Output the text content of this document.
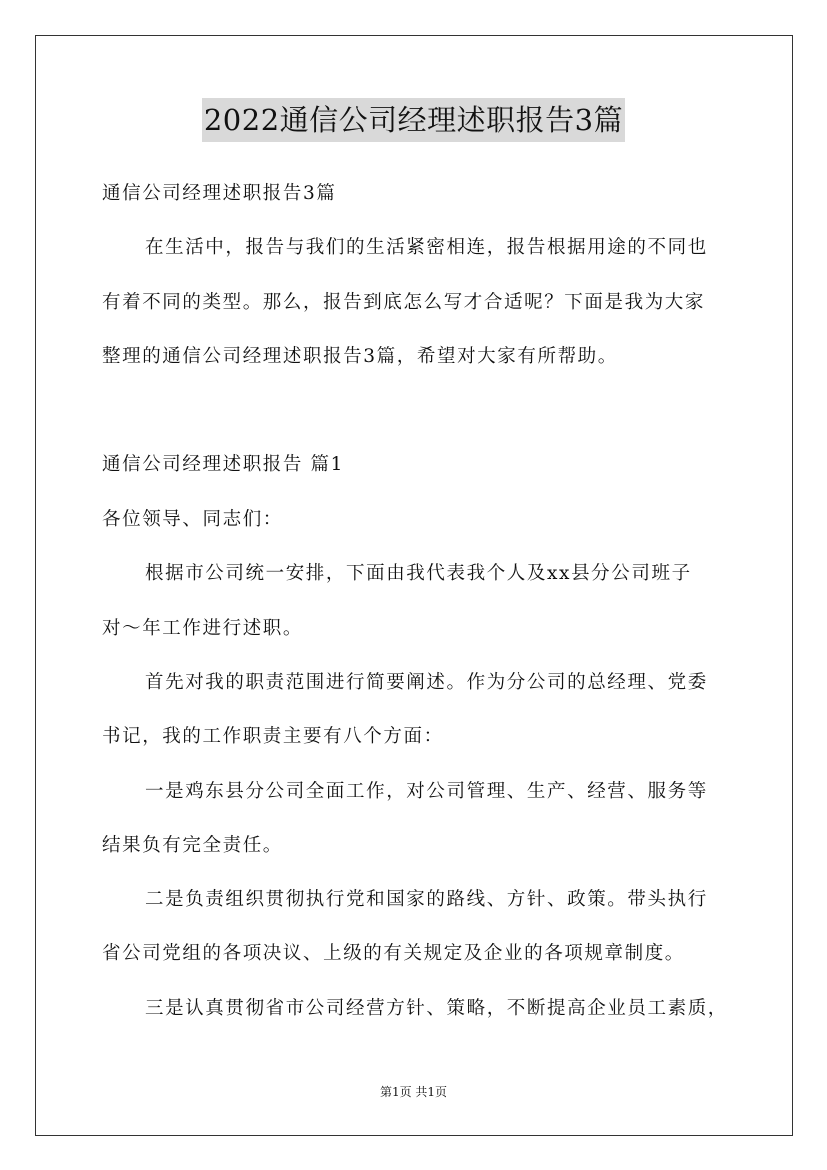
2022通信公司经理述职报告3篇
通信公司经理述职报告3篇
在生活中，报告与我们的生活紧密相连，报告根据用途的不同也
有着不同的类型。那么，报告到底怎么写才合适呢？下面是我为大家
整理的通信公司经理述职报告3篇，希望对大家有所帮助。
通信公司经理述职报告 篇1
各位领导、同志们：
根据市公司统一安排，下面由我代表我个人及xx县分公司班子
对～年工作进行述职。
首先对我的职责范围进行简要阐述。作为分公司的总经理、党委
书记，我的工作职责主要有八个方面：
一是鸡东县分公司全面工作，对公司管理、生产、经营、服务等
结果负有完全责任。
二是负责组织贯彻执行党和国家的路线、方针、政策。带头执行
省公司党组的各项决议、上级的有关规定及企业的各项规章制度。
三是认真贯彻省市公司经营方针、策略，不断提高企业员工素质，
第1页 共1页
